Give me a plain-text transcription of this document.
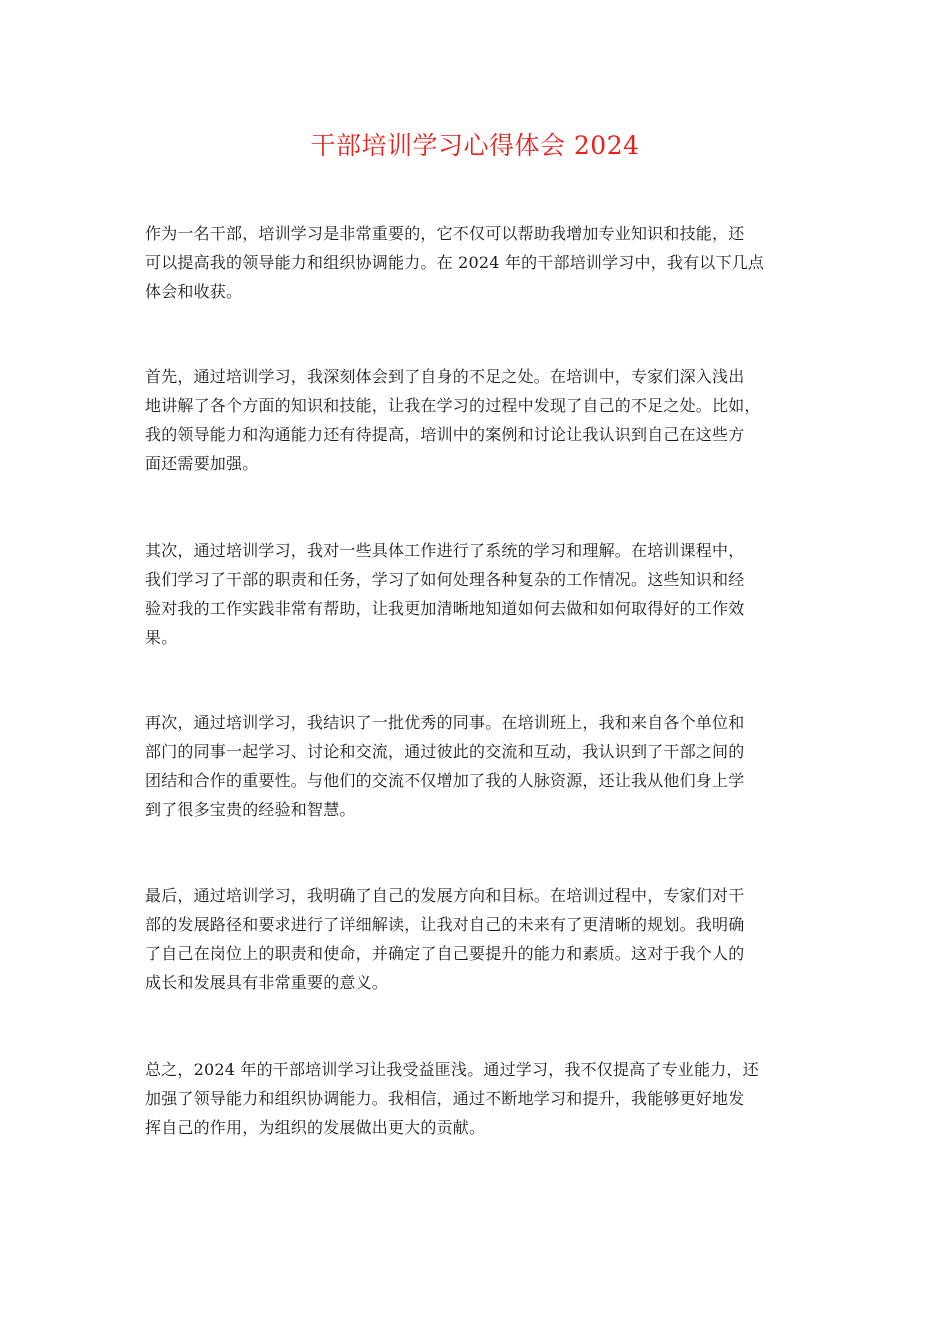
干部培训学习心得体会 2024
作为一名干部，培训学习是非常重要的，它不仅可以帮助我增加专业知识和技能，还
可以提高我的领导能力和组织协调能力。在 2024 年的干部培训学习中，我有以下几点
体会和收获。
首先，通过培训学习，我深刻体会到了自身的不足之处。在培训中，专家们深入浅出
地讲解了各个方面的知识和技能，让我在学习的过程中发现了自己的不足之处。比如，
我的领导能力和沟通能力还有待提高，培训中的案例和讨论让我认识到自己在这些方
面还需要加强。
其次，通过培训学习，我对一些具体工作进行了系统的学习和理解。在培训课程中，
我们学习了干部的职责和任务，学习了如何处理各种复杂的工作情况。这些知识和经
验对我的工作实践非常有帮助，让我更加清晰地知道如何去做和如何取得好的工作效
果。
再次，通过培训学习，我结识了一批优秀的同事。在培训班上，我和来自各个单位和
部门的同事一起学习、讨论和交流，通过彼此的交流和互动，我认识到了干部之间的
团结和合作的重要性。与他们的交流不仅增加了我的人脉资源，还让我从他们身上学
到了很多宝贵的经验和智慧。
最后，通过培训学习，我明确了自己的发展方向和目标。在培训过程中，专家们对干
部的发展路径和要求进行了详细解读，让我对自己的未来有了更清晰的规划。我明确
了自己在岗位上的职责和使命，并确定了自己要提升的能力和素质。这对于我个人的
成长和发展具有非常重要的意义。
总之，2024 年的干部培训学习让我受益匪浅。通过学习，我不仅提高了专业能力，还
加强了领导能力和组织协调能力。我相信，通过不断地学习和提升，我能够更好地发
挥自己的作用，为组织的发展做出更大的贡献。
